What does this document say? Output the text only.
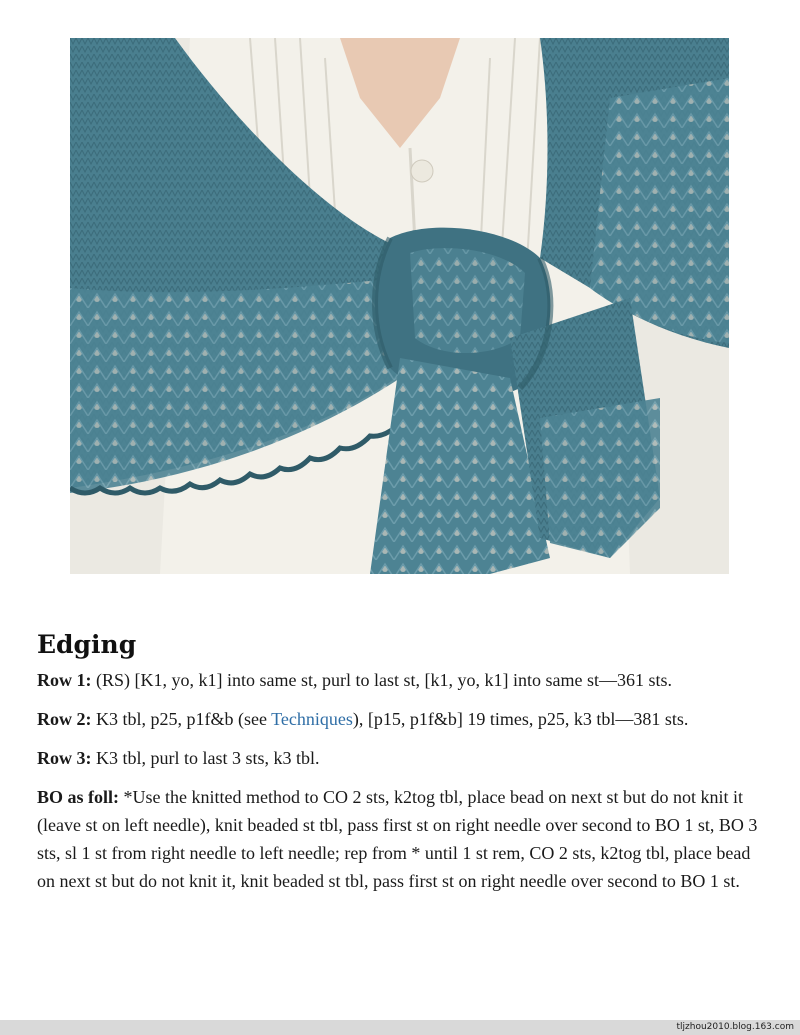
Edging

Row 1: (RS) [K1, yo, k1] into same st, purl to last st, [k1, yo, k1] into same st—361 sts.

Row 2: K3 tbl, p25, p1f&b (see Techniques), [p15, p1f&b] 19 times, p25, k3 tbl—381 sts.

Row 3: K3 tbl, purl to last 3 sts, k3 tbl.

BO as foll: *Use the knitted method to CO 2 sts, k2tog tbl, place bead on next st but do not knit it (leave st on left needle), knit beaded st tbl, pass first st on right needle over second to BO 1 st, BO 3 sts, sl 1 st from right needle to left needle; rep from * until 1 st rem, CO 2 sts, k2tog tbl, place bead on next st but do not knit it, knit beaded st tbl, pass first st on right needle over second to BO 1 st.

tljzhou2010.blog.163.com
